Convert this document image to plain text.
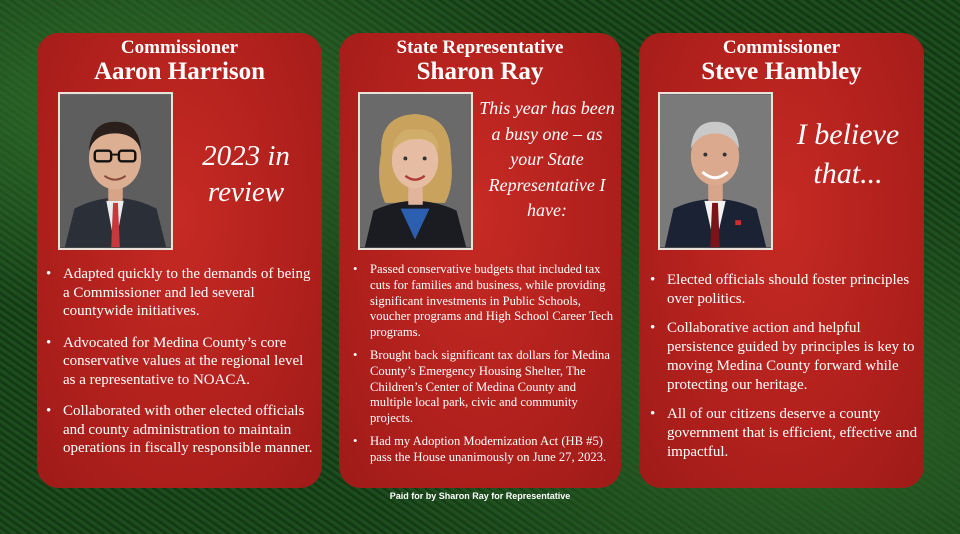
Commissioner
Aaron Harrison
2023 in review
• Adapted quickly to the demands of being a Commissioner and led several countywide initiatives.
• Advocated for Medina County’s core conservative values at the regional level as a representative to NOACA.
• Collaborated with other elected officials and county administration to maintain operations in fiscally responsible manner.
State Representative
Sharon Ray
This year has been a busy one – as your State Representative I have:
• Passed conservative budgets that included tax cuts for families and business, while providing significant investments in Public Schools, voucher programs and High School Career Tech programs.
• Brought back significant tax dollars for Medina County’s Emergency Housing Shelter, The Children’s Center of Medina County and multiple local park, civic and community projects.
• Had my Adoption Modernization Act (HB #5) pass the House unanimously on June 27, 2023.
Commissioner
Steve Hambley
I believe that...
• Elected officials should foster principles over politics.
• Collaborative action and helpful persistence guided by principles is key to moving Medina County forward while protecting our heritage.
• All of our citizens deserve a county government that is efficient, effective and impactful.
Paid for by Sharon Ray for Representative
